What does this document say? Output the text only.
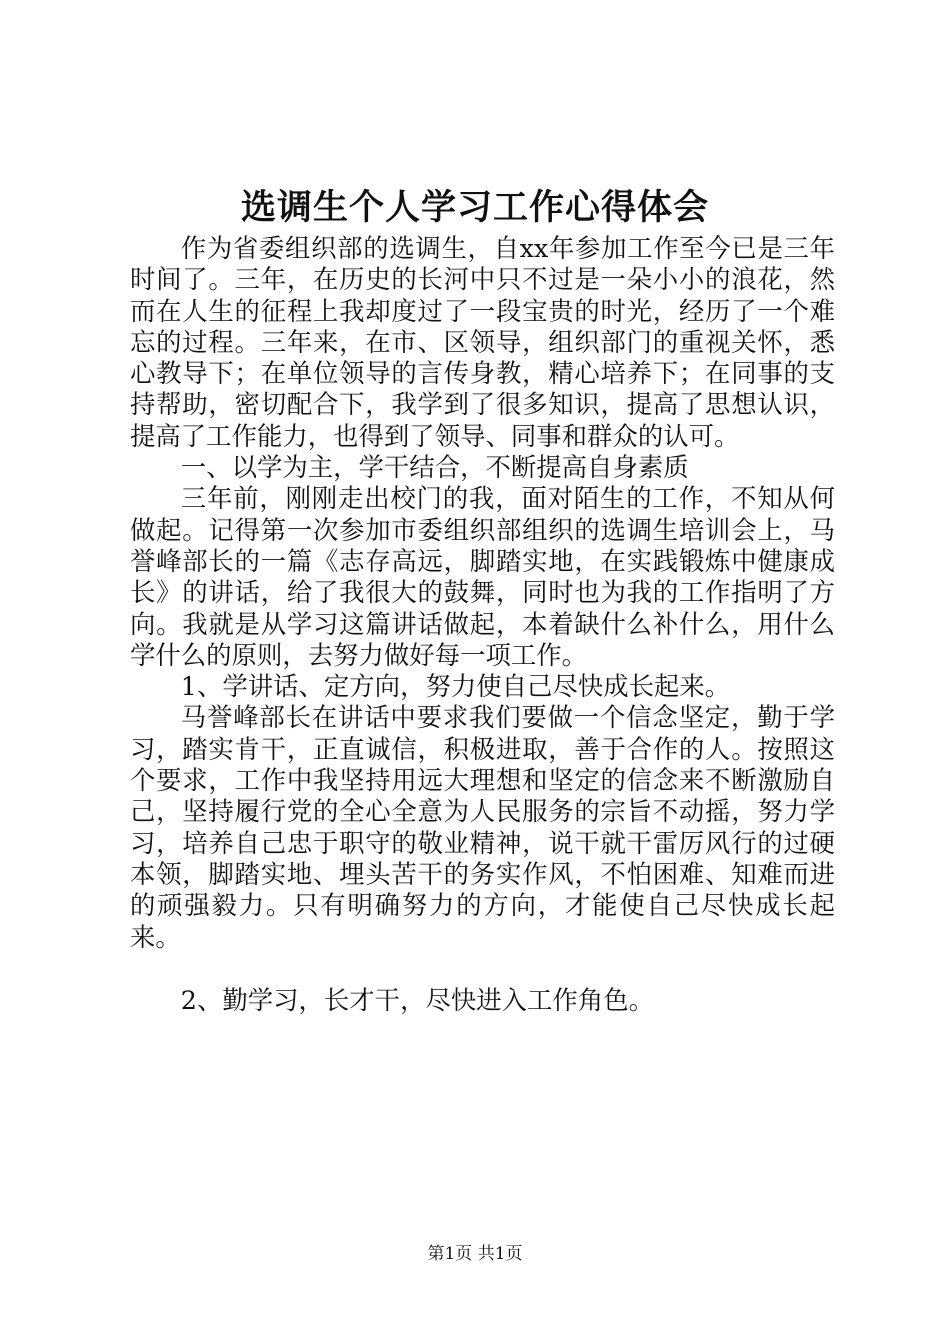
选调生个人学习工作心得体会

作为省委组织部的选调生，自xx年参加工作至今已是三年时间了。三年，在历史的长河中只不过是一朵小小的浪花，然而在人生的征程上我却度过了一段宝贵的时光，经历了一个难忘的过程。三年来，在市、区领导，组织部门的重视关怀，悉心教导下；在单位领导的言传身教，精心培养下；在同事的支持帮助，密切配合下，我学到了很多知识，提高了思想认识，提高了工作能力，也得到了领导、同事和群众的认可。

一、以学为主，学干结合，不断提高自身素质

三年前，刚刚走出校门的我，面对陌生的工作，不知从何做起。记得第一次参加市委组织部组织的选调生培训会上，马誉峰部长的一篇《志存高远，脚踏实地，在实践锻炼中健康成长》的讲话，给了我很大的鼓舞，同时也为我的工作指明了方向。我就是从学习这篇讲话做起，本着缺什么补什么，用什么学什么的原则，去努力做好每一项工作。

1、学讲话、定方向，努力使自己尽快成长起来。

马誉峰部长在讲话中要求我们要做一个信念坚定，勤于学习，踏实肯干，正直诚信，积极进取，善于合作的人。按照这个要求，工作中我坚持用远大理想和坚定的信念来不断激励自己，坚持履行党的全心全意为人民服务的宗旨不动摇，努力学习，培养自己忠于职守的敬业精神，说干就干雷厉风行的过硬本领，脚踏实地、埋头苦干的务实作风，不怕困难、知难而进的顽强毅力。只有明确努力的方向，才能使自己尽快成长起来。

2、勤学习，长才干，尽快进入工作角色。

第1页 共1页
